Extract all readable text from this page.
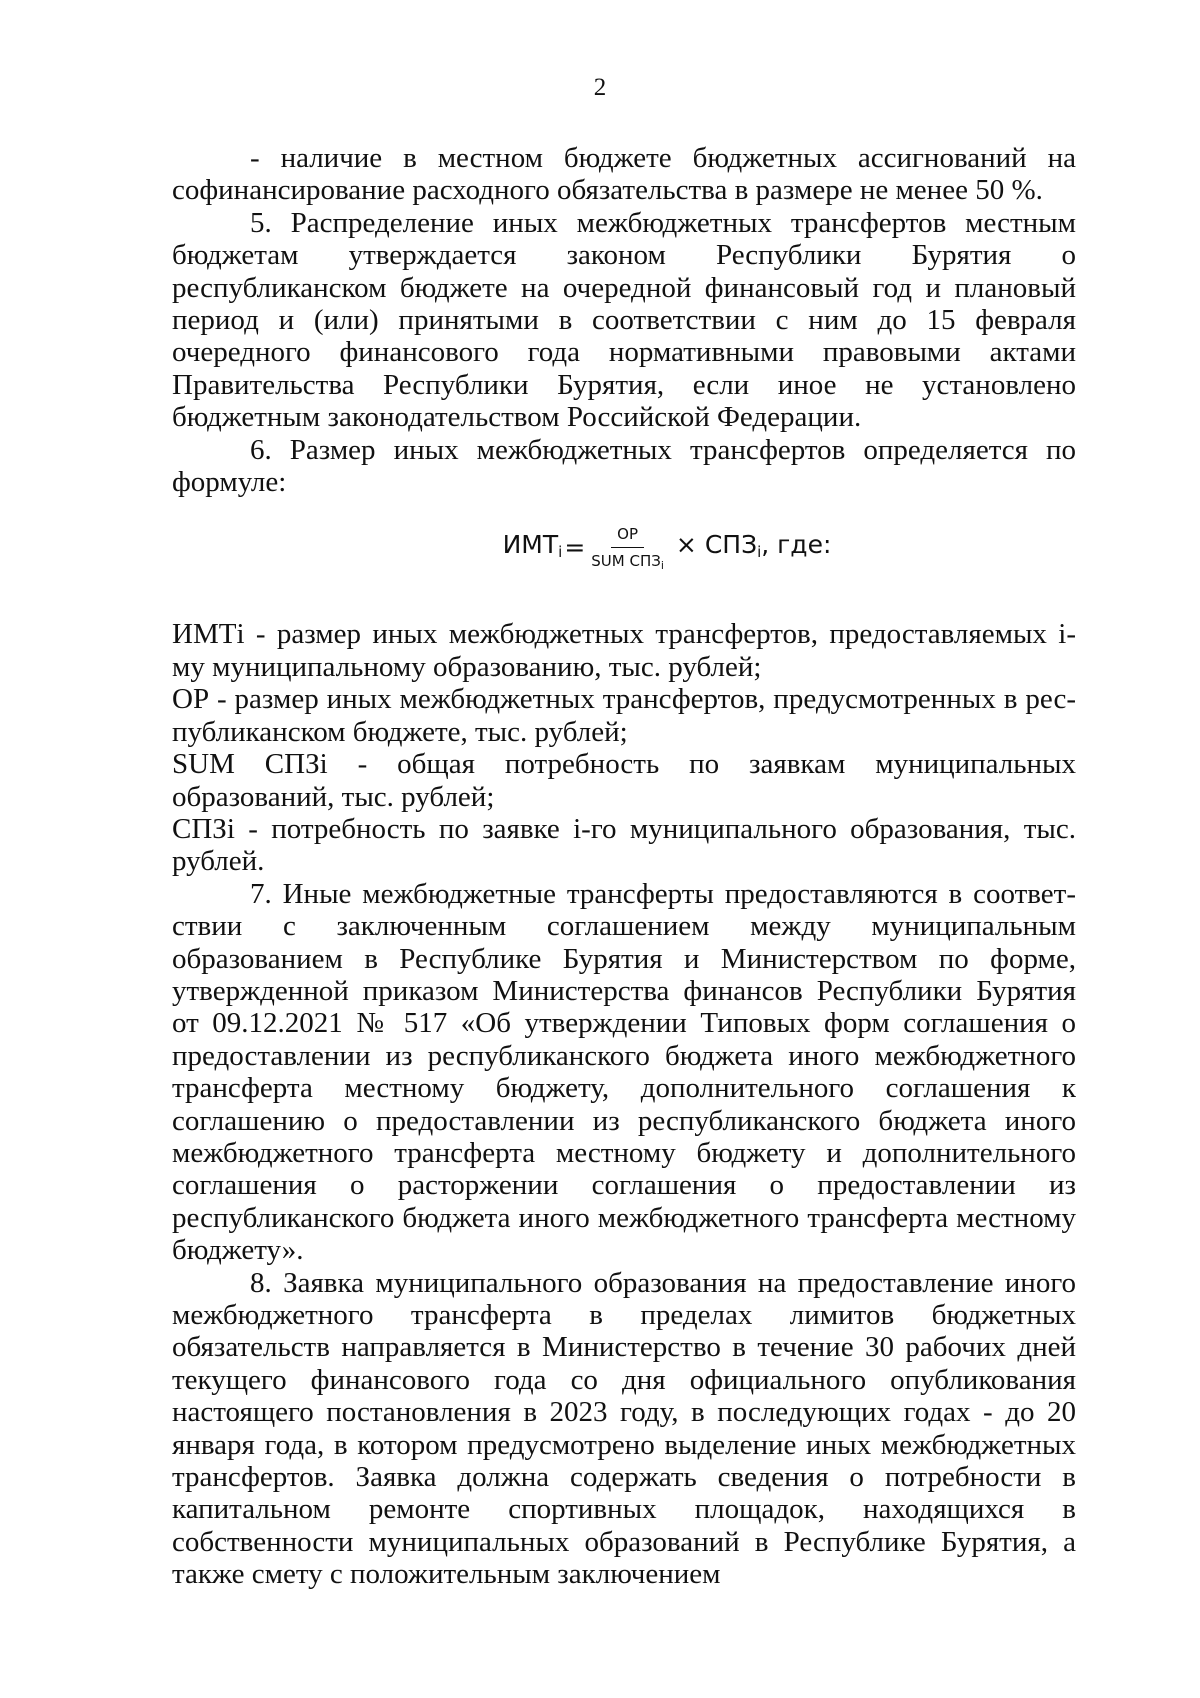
2

- наличие в местном бюджете бюджетных ассигнований на софинансирование расходного обязательства в размере не менее 50 %.

5. Распределение иных межбюджетных трансфертов местным бюджетам утверждается законом Республики Бурятия о республиканском бюджете на очередной финансовый год и плановый период и (или) принятыми в соответствии с ним до 15 февраля очередного финансового года нормативными правовыми актами Правительства Республики Бурятия, если иное не установлено бюджетным законодательством Российской Федерации.

6. Размер иных межбюджетных трансфертов определяется по формуле:

$ИМТ_i = \frac{ОР}{SUM СПЗ_i} \times СПЗ_i$, где:

ИМТi - размер иных межбюджетных трансфертов, предоставляемых i-му муниципальному образованию, тыс. рублей;

ОР - размер иных межбюджетных трансфертов, предусмотренных в республиканском бюджете, тыс. рублей;

SUM СПЗi - общая потребность по заявкам муниципальных образований, тыс. рублей;

СПЗi - потребность по заявке i-го муниципального образования, тыс. рублей.

7. Иные межбюджетные трансферты предоставляются в соответствии с заключенным соглашением между муниципальным образованием в Республике Бурятия и Министерством по форме, утвержденной приказом Министерства финансов Республики Бурятия от 09.12.2021 № 517 «Об утверждении Типовых форм соглашения о предоставлении из республиканского бюджета иного межбюджетного трансферта местному бюджету, дополнительного соглашения к соглашению о предоставлении из республиканского бюджета иного межбюджетного трансферта местному бюджету и дополнительного соглашения о расторжении соглашения о предоставлении из республиканского бюджета иного межбюджетного трансферта местному бюджету».

8. Заявка муниципального образования на предоставление иного межбюджетного трансферта в пределах лимитов бюджетных обязательств направляется в Министерство в течение 30 рабочих дней текущего финансового года со дня официального опубликования настоящего постановления в 2023 году, в последующих годах - до 20 января года, в котором предусмотрено выделение иных межбюджетных трансфертов. Заявка должна содержать сведения о потребности в капитальном ремонте спортивных площадок, находящихся в собственности муниципальных образований в Республике Бурятия, а также смету с положительным заключением
